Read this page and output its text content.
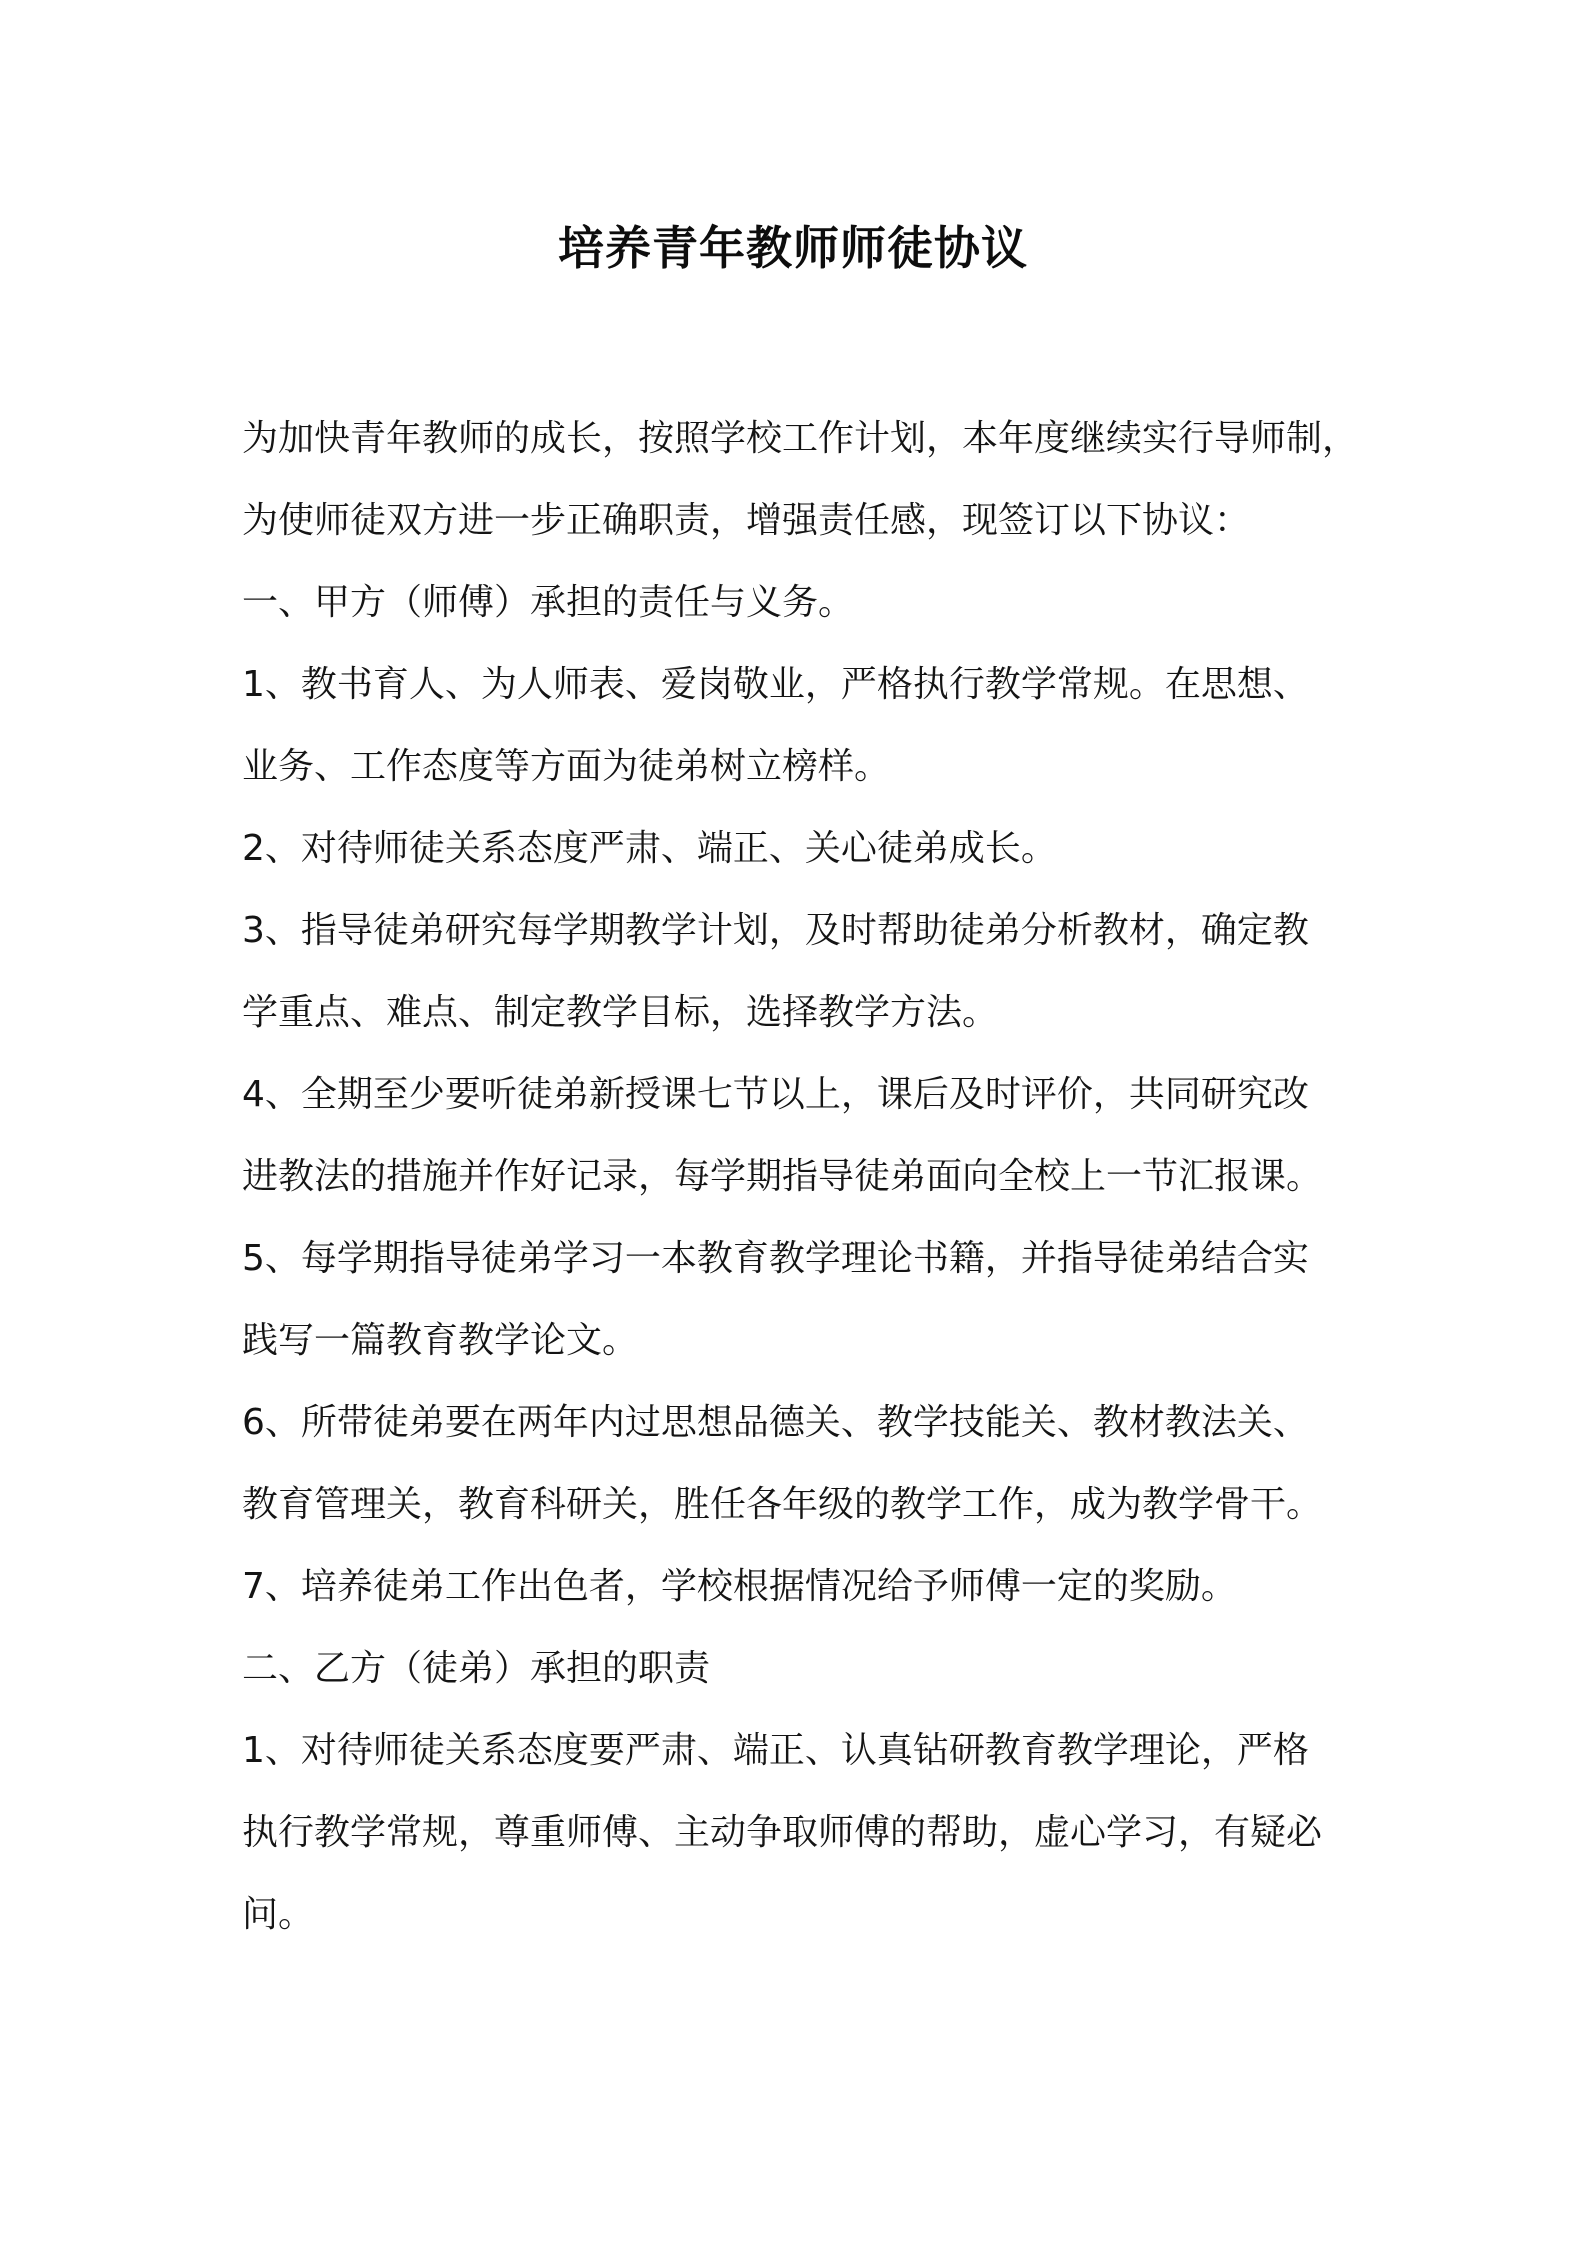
培养青年教师师徒协议
为加快青年教师的成长，按照学校工作计划，本年度继续实行导师制，
为使师徒双方进一步正确职责，增强责任感，现签订以下协议：
一、甲方（师傅）承担的责任与义务。
1、教书育人、为人师表、爱岗敬业，严格执行教学常规。在思想、
业务、工作态度等方面为徒弟树立榜样。
2、对待师徒关系态度严肃、端正、关心徒弟成长。
3、指导徒弟研究每学期教学计划，及时帮助徒弟分析教材，确定教
学重点、难点、制定教学目标，选择教学方法。
4、全期至少要听徒弟新授课七节以上，课后及时评价，共同研究改
进教法的措施并作好记录，每学期指导徒弟面向全校上一节汇报课。
5、每学期指导徒弟学习一本教育教学理论书籍，并指导徒弟结合实
践写一篇教育教学论文。
6、所带徒弟要在两年内过思想品德关、教学技能关、教材教法关、
教育管理关，教育科研关，胜任各年级的教学工作，成为教学骨干。
7、培养徒弟工作出色者，学校根据情况给予师傅一定的奖励。
二、乙方（徒弟）承担的职责
1、对待师徒关系态度要严肃、端正、认真钻研教育教学理论，严格
执行教学常规，尊重师傅、主动争取师傅的帮助，虚心学习，有疑必
问。
